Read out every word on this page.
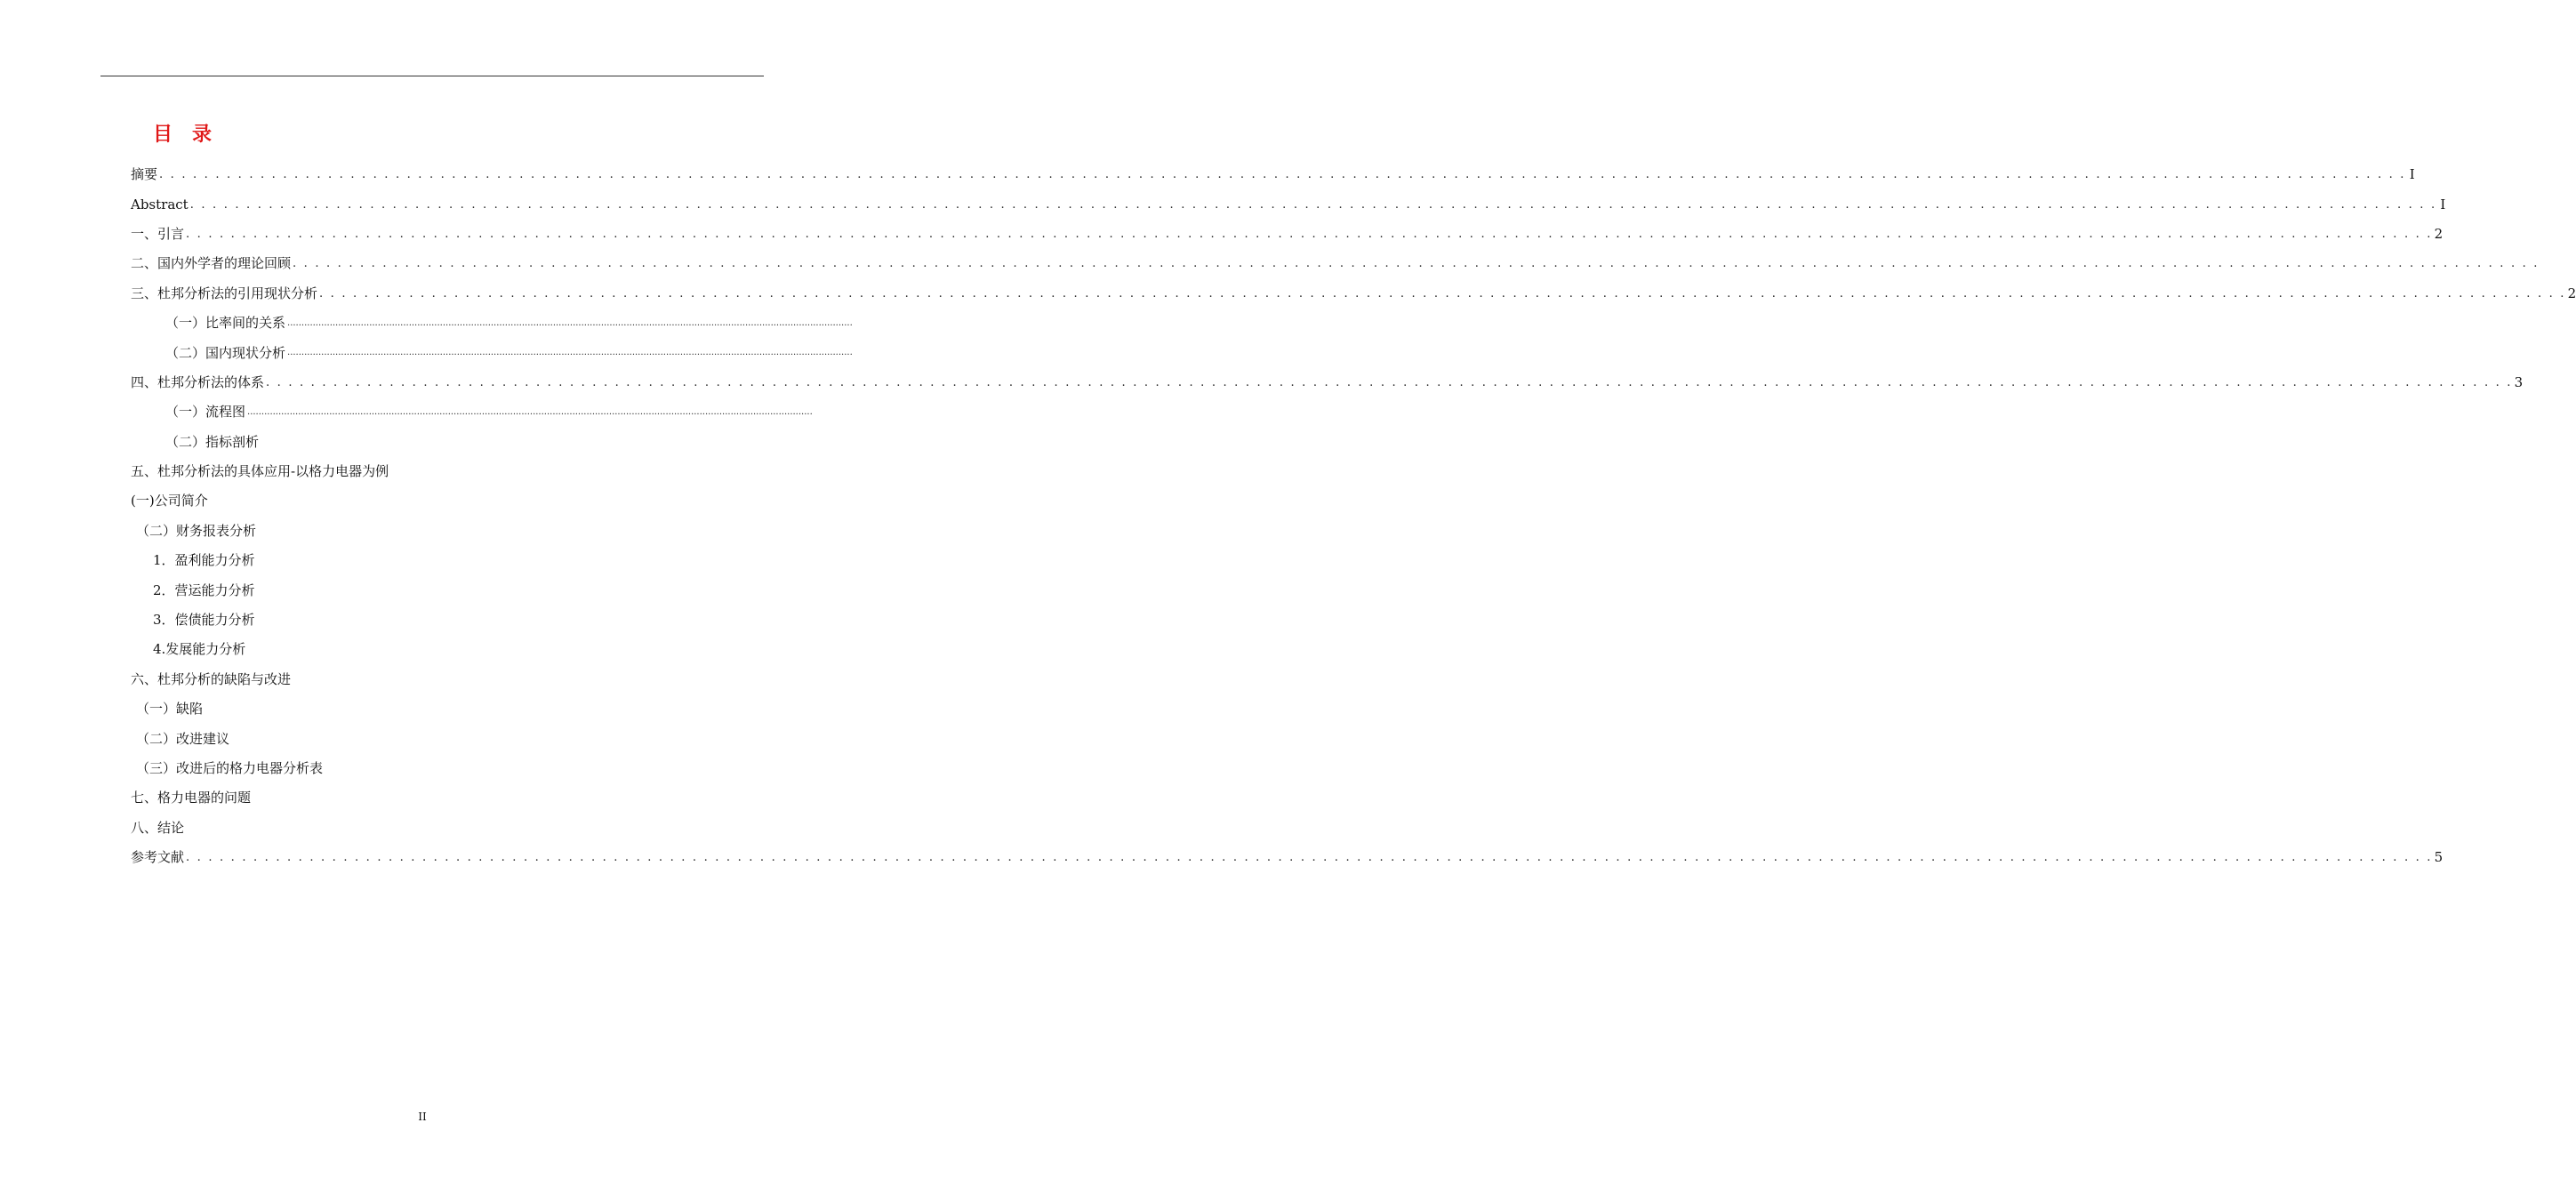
目 录
摘要 . . . . . . . . . . . . . . . . . . . . . . . . . . . . . . . . . . . . . . . . . . . . . . . . . . . . . . . . . . . . . . . . . . . . . . . . . . . . . . . . . . . . . . . . . . . . . . . . . . . . . . . . . . . . . . . . . . . . . . . . . . . . . . . . . . . . . . . . . . . . . . . . . . . . . . . . . . . . . . . . . . . . . . . . . . . . . . . . . . . . . . . . . . . . . . . . . . . . . . . . I
Abstract . . . . . . . . . . . . . . . . . . . . . . . . . . . . . . . . . . . . . . . . . . . . . . . . . . . . . . . . . . . . . . . . . . . . . . . . . . . . . . . . . . . . . . . . . . . . . . . . . . . . . . . . . . . . . . . . . . . . . . . . . . . . . . . . . . . . . . . . . . . . . . . . . . . . . . . . . . . . . . . . . . . . . . . . . . . . . . . . . . . . . . . . . . . . . . . . . . . . . . . . I
一、引言 . . . . . . . . . . . . . . . . . . . . . . . . . . . . . . . . . . . . . . . . . . . . . . . . . . . . . . . . . . . . . . . . . . . . . . . . . . . . . . . . . . . . . . . . . . . . . . . . . . . . . . . . . . . . . . . . . . . . . . . . . . . . . . . . . . . . . . . . . . . . . . . . . . . . . . . . . . . . . . . . . . . . . . . . . . . . . . . . . . . . . . . . . . . . . . . . . . . . . . . . 2
二、国内外学者的理论回顾 . . . . . . . . . . . . . . . . . . . . . . . . . . . . . . . . . . . . . . . . . . . . . . . . . . . . . . . . . . . . . . . . . . . . . . . . . . . . . . . . . . . . . . . . . . . . . . . . . . . . . . . . . . . . . . . . . . . . . . . . . . . . . . . . . . . . . . . . . . . . . . . . . . . . . . . . . . . . . . . . . . . . . . . . . . . . . . . . . . . . . . . . . . . . . . . . . . . . . . . .
三、杜邦分析法的引用现状分析 . . . . . . . . . . . . . . . . . . . . . . . . . . . . . . . . . . . . . . . . . . . . . . . . . . . . . . . . . . . . . . . . . . . . . . . . . . . . . . . . . . . . . . . . . . . . . . . . . . . . . . . . . . . . . . . . . . . . . . . . . . . . . . . . . . . . . . . . . . . . . . . . . . . . . . . . . . . . . . . . . . . . . . . . . . . . . . . . . . . . . . . . . . . . . . . . . . . . . . . . 2
（一）比率间的关系 ........................................................................................................................................................................................................
（二）国内现状分析 ........................................................................................................................................................................................................
四、杜邦分析法的体系 . . . . . . . . . . . . . . . . . . . . . . . . . . . . . . . . . . . . . . . . . . . . . . . . . . . . . . . . . . . . . . . . . . . . . . . . . . . . . . . . . . . . . . . . . . . . . . . . . . . . . . . . . . . . . . . . . . . . . . . . . . . . . . . . . . . . . . . . . . . . . . . . . . . . . . . . . . . . . . . . . . . . . . . . . . . . . . . . . . . . . . . . . . . . . . . . . . . . . . . . 3
（一）流程图 ........................................................................................................................................................................................................
（二）指标剖析
五、杜邦分析法的具体应用-以格力电器为例
(一)公司简介
（二）财务报表分析
1．盈利能力分析
2．营运能力分析
3．偿债能力分析
4.发展能力分析
六、杜邦分析的缺陷与改进
（一）缺陷
（二）改进建议
（三）改进后的格力电器分析表
七、格力电器的问题
八、结论
参考文献 . . . . . . . . . . . . . . . . . . . . . . . . . . . . . . . . . . . . . . . . . . . . . . . . . . . . . . . . . . . . . . . . . . . . . . . . . . . . . . . . . . . . . . . . . . . . . . . . . . . . . . . . . . . . . . . . . . . . . . . . . . . . . . . . . . . . . . . . . . . . . . . . . . . . . . . . . . . . . . . . . . . . . . . . . . . . . . . . . . . . . . . . . . . . . . . . . . . . . . . . 5
II
